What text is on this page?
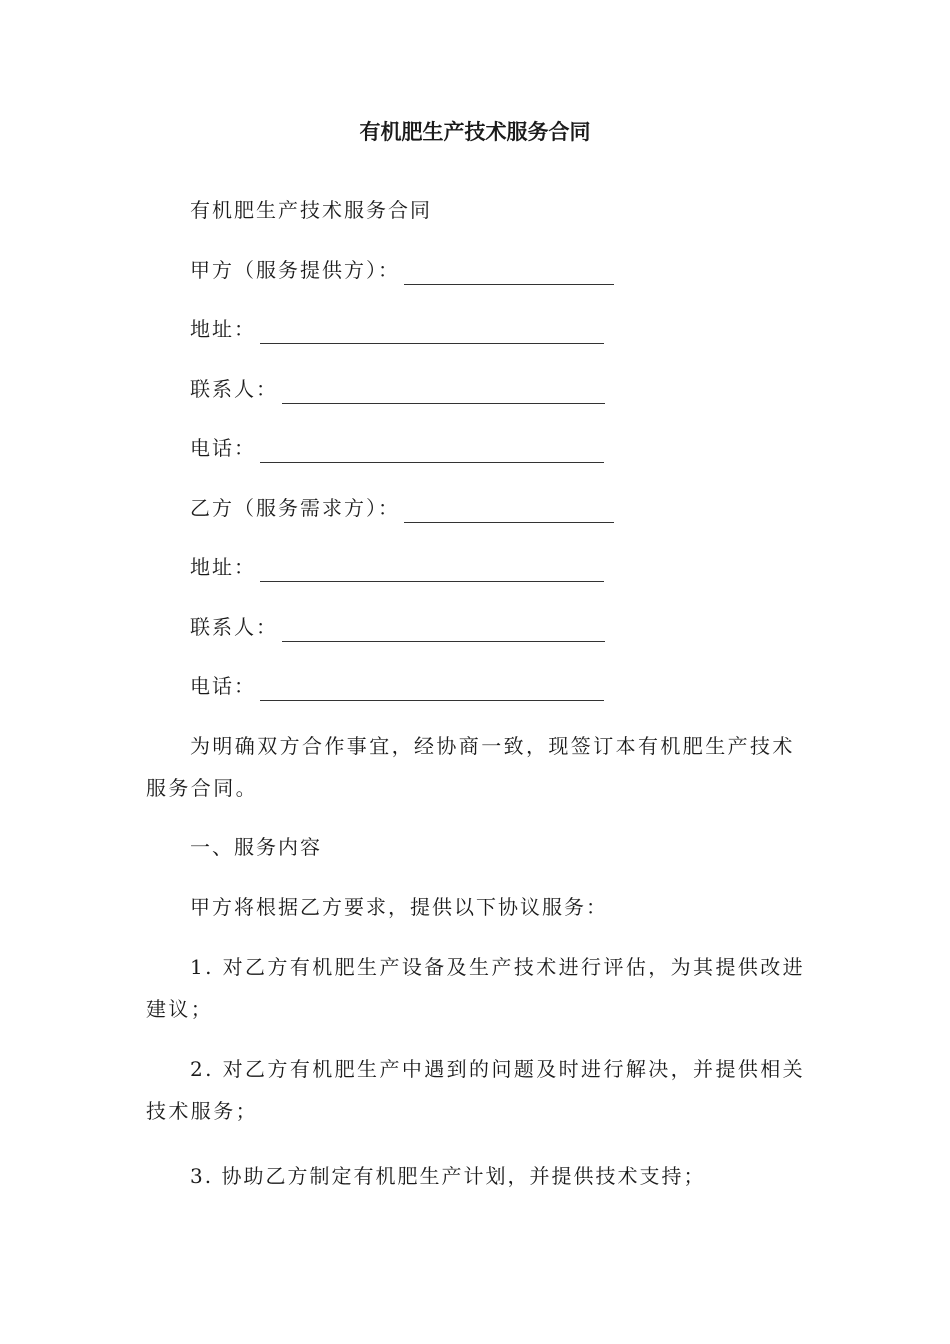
有机肥生产技术服务合同

有机肥生产技术服务合同

甲方（服务提供方）：

地址：

联系人：

电话：

乙方（服务需求方）：

地址：

联系人：

电话：

为明确双方合作事宜，经协商一致，现签订本有机肥生产技术服务合同。

一、服务内容

甲方将根据乙方要求，提供以下协议服务：

1. 对乙方有机肥生产设备及生产技术进行评估，为其提供改进建议；

2. 对乙方有机肥生产中遇到的问题及时进行解决，并提供相关技术服务；

3. 协助乙方制定有机肥生产计划，并提供技术支持；
